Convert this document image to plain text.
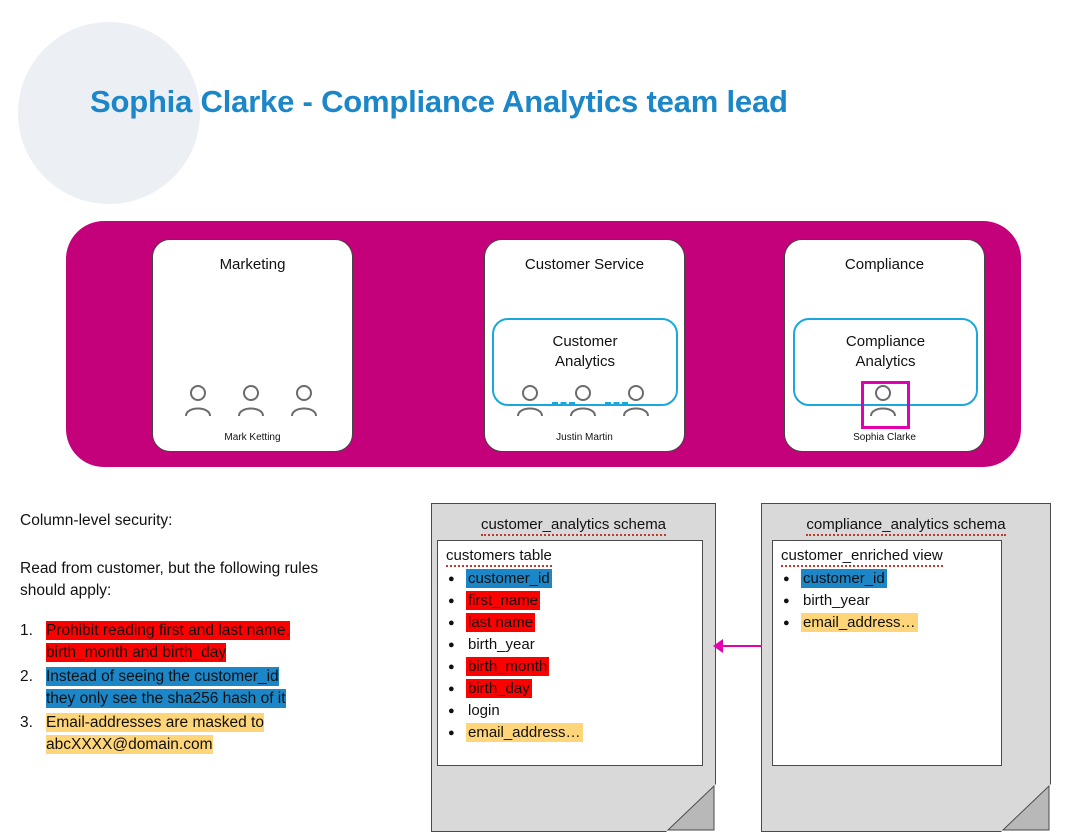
Sophia Clarke - Compliance Analytics team lead
Marketing
Mark Ketting
Customer Service
Justin Martin
Customer
Analytics
Compliance
Sophia Clarke
Compliance
Analytics
Column-level security:
Read from customer, but the following rules
should apply:
1. Prohibit reading first and last name,
birth_month and birth_day
2. Instead of seeing the customer_id
they only see the sha256 hash of it
3. Email-addresses are masked to
abcXXXX@domain.com
customer_analytics schema
customers table
● customer_id
● first_name
● last name
● birth_year
● birth_month
● birth_day
● login
● email_address…
compliance_analytics schema
customer_enriched view
● customer_id
● birth_year
● email_address…
